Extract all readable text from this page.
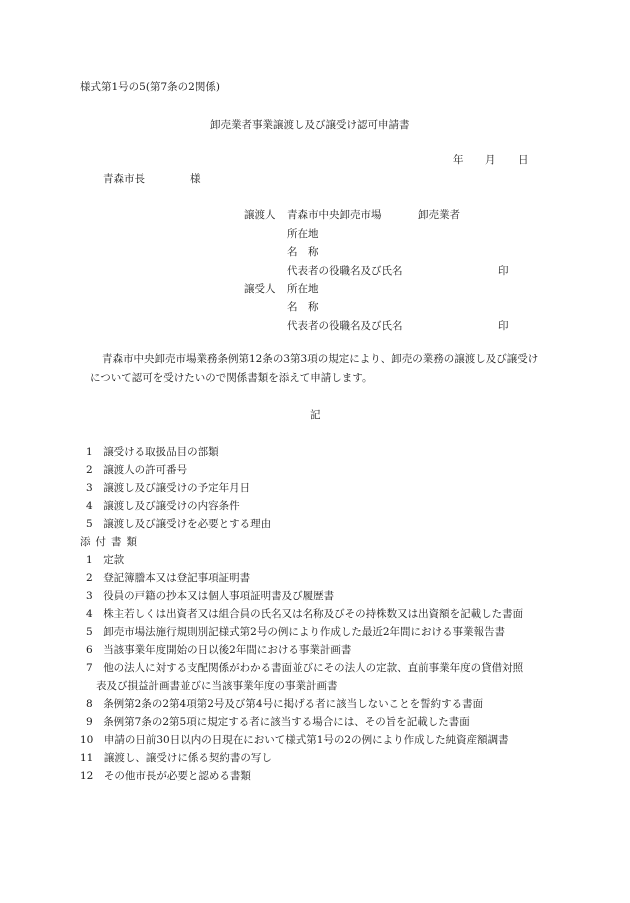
様式第1号の5(第7条の2関係)
卸売業者事業譲渡し及び譲受け認可申請書
年 月 日
青森市長	様
譲渡人 青森市中央卸売市場	卸売業者
所在地
名　称
代表者の役職名及び氏名	印
譲受人 所在地
名　称
代表者の役職名及び氏名	印
青森市中央卸売市場業務条例第12条の3第3項の規定により、卸売の業務の譲渡し及び譲受け
について認可を受けたいので関係書類を添えて申請します。
記
1　 譲受ける取扱品目の部類
2　 譲渡人の許可番号
3　 譲渡し及び譲受けの予定年月日
4　 譲渡し及び譲受けの内容条件
5　 譲渡し及び譲受けを必要とする理由
添付書類
1　 定款
2　 登記簿謄本又は登記事項証明書
3　 役員の戸籍の抄本又は個人事項証明書及び履歴書
4　 株主若しくは出資者又は組合員の氏名又は名称及びその持株数又は出資額を記載した書面
5　 卸売市場法施行規則別記様式第2号の例により作成した最近2年間における事業報告書
6　 当該事業年度開始の日以後2年間における事業計画書
7　 他の法人に対する支配関係がわかる書面並びにその法人の定款、直前事業年度の貸借対照
表及び損益計画書並びに当該事業年度の事業計画書
8　 条例第2条の2第4項第2号及び第4号に掲げる者に該当しないことを誓約する書面
9　 条例第7条の2第5項に規定する者に該当する場合には、その旨を記載した書面
10　 申請の日前30日以内の日現在において様式第1号の2の例により作成した純資産額調書
11　 譲渡し、譲受けに係る契約書の写し
12　 その他市長が必要と認める書類
